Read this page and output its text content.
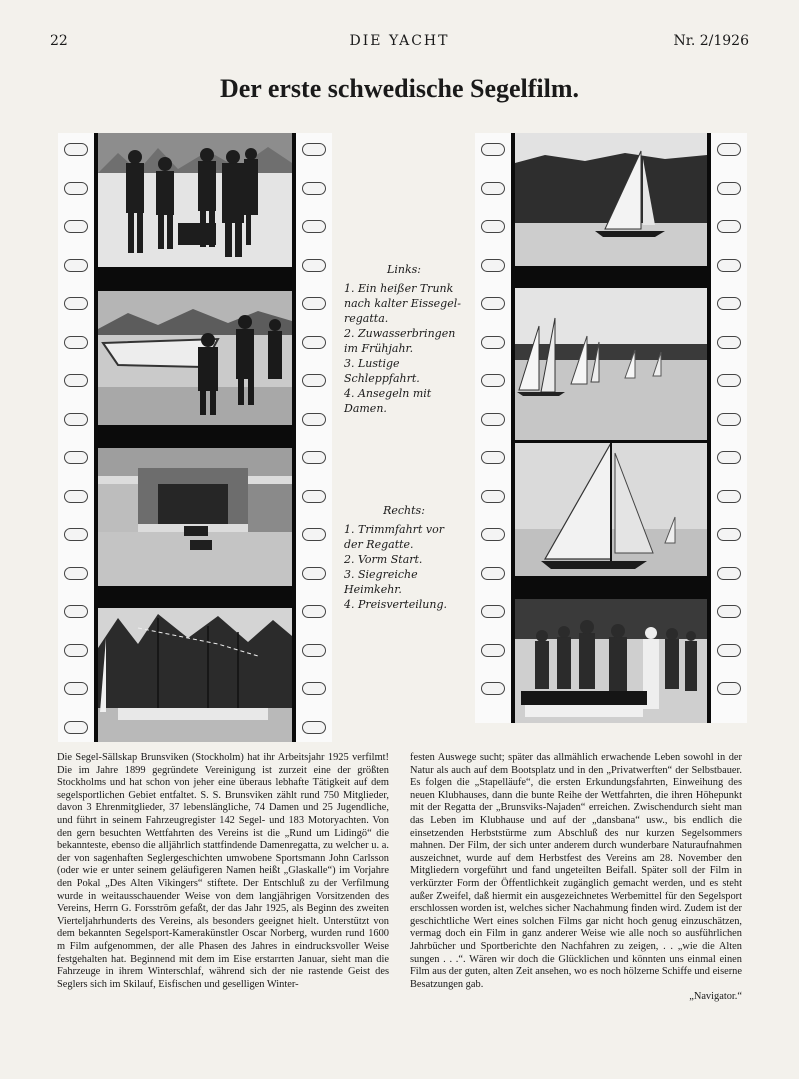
22	DIE YACHT	Nr. 2/1926
Der erste schwedische Segelfilm.
Links:
1. Ein heißer Trunk nach kalter Eissegel-regatta.
2. Zuwasserbringen im Frühjahr.
3. Lustige Schleppfahrt.
4. Ansegeln mit Damen.
Rechts:
1. Trimmfahrt vor der Regatte.
2. Vorm Start.
3. Siegreiche Heimkehr.
4. Preisverteilung.
Die Segel-Sällskap Brunsviken (Stockholm) hat ihr Arbeitsjahr 1925 verfilmt! Die im Jahre 1899 gegründete Vereinigung ist zurzeit eine der größten Stockholms und hat schon von jeher eine überaus lebhafte Tätigkeit auf dem segelsportlichen Gebiet entfaltet. S. S. Brunsviken zählt rund 750 Mitglieder, davon 3 Ehrenmitglieder, 37 lebenslängliche, 74 Damen und 25 Jugendliche, und führt in seinem Fahrzeugregister 142 Segel- und 183 Motoryachten. Von den gern besuchten Wettfahrten des Vereins ist die „Rund um Lidingö“ die bekannteste, ebenso die alljährlich stattfindende Damenregatta, zu welcher u. a. der von sagenhaften Seglergeschichten umwobene Sportsmann John Carlsson (oder wie er unter seinem geläufigeren Namen heißt „Glaskalle“) im Vorjahre den Pokal „Des Alten Vikingers“ stiftete. Der Entschluß zu der Verfilmung wurde in weitausschauender Weise von dem langjährigen Vorsitzenden des Vereins, Herrn G. Forsström gefaßt, der das Jahr 1925, als Beginn des zweiten Vierteljahrhunderts des Vereins, als besonders geeignet hielt. Unterstützt von dem bekannten Segelsport-Kamerakünstler Oscar Norberg, wurden rund 1600 m Film aufgenommen, der alle Phasen des Jahres in eindrucksvoller Weise festgehalten hat. Beginnend mit dem im Eise erstarrten Januar, sieht man die Fahrzeuge in ihrem Winterschlaf, während sich der nie rastende Geist des Seglers sich im Skilauf, Eisfischen und geselligen Winter-
festen Auswege sucht; später das allmählich erwachende Leben sowohl in der Natur als auch auf dem Bootsplatz und in den „Privatwerften“ der Selbstbauer. Es folgen die „Stapelläufe“, die ersten Erkundungsfahrten, Einweihung des neuen Klubhauses, dann die bunte Reihe der Wettfahrten, die ihren Höhepunkt mit der Regatta der „Brunsviks-Najaden“ erreichen. Zwischendurch sieht man das Leben im Klubhause und auf der „dansbana“ usw., bis endlich die einsetzenden Herbststürme zum Abschluß des nur kurzen Segelsommers mahnen. Der Film, der sich unter anderem durch wunderbare Naturaufnahmen auszeichnet, wurde auf dem Herbstfest des Vereins am 28. November den Mitgliedern vorgeführt und fand ungeteilten Beifall. Später soll der Film in verkürzter Form der Öffentlichkeit zugänglich gemacht werden, und es steht außer Zweifel, daß hiermit ein ausgezeichnetes Werbemittel für den Segelsport erschlossen worden ist, welches sicher Nachahmung finden wird. Zudem ist der geschichtliche Wert eines solchen Films gar nicht hoch genug einzuschätzen, vermag doch ein Film in ganz anderer Weise wie alle noch so ausführlichen Jahrbücher und Sportberichte den Nachfahren zu zeigen, . . „wie die Alten sungen . . .“. Wären wir doch die Glücklichen und könnten uns einmal einen Film aus der guten, alten Zeit ansehen, wo es noch hölzerne Schiffe und eiserne Besatzungen gab.
„Navigator.“
